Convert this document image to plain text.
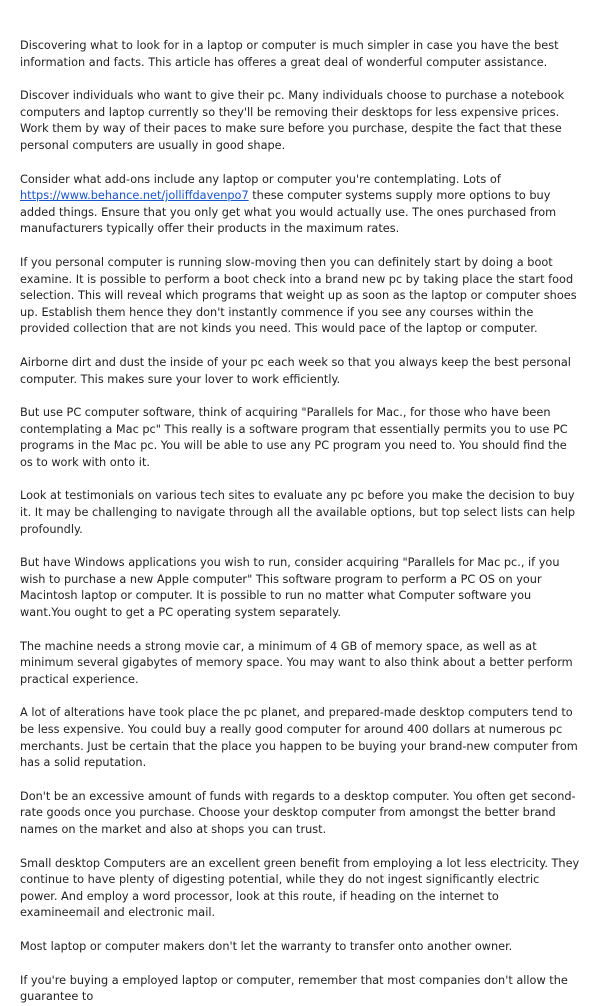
Discovering what to look for in a laptop or computer is much simpler in case you have the best information and facts. This article has offeres a great deal of wonderful computer assistance.

Discover individuals who want to give their pc. Many individuals choose to purchase a notebook computers and laptop currently so they'll be removing their desktops for less expensive prices. Work them by way of their paces to make sure before you purchase, despite the fact that these personal computers are usually in good shape.

Consider what add-ons include any laptop or computer you're contemplating. Lots of https://www.behance.net/jolliffdavenpo7 these computer systems supply more options to buy added things. Ensure that you only get what you would actually use. The ones purchased from manufacturers typically offer their products in the maximum rates.

If you personal computer is running slow-moving then you can definitely start by doing a boot examine. It is possible to perform a boot check into a brand new pc by taking place the start food selection. This will reveal which programs that weight up as soon as the laptop or computer shoes up. Establish them hence they don't instantly commence if you see any courses within the provided collection that are not kinds you need. This would pace of the laptop or computer.

Airborne dirt and dust the inside of your pc each week so that you always keep the best personal computer. This makes sure your lover to work efficiently.

But use PC computer software, think of acquiring "Parallels for Mac., for those who have been contemplating a Mac pc" This really is a software program that essentially permits you to use PC programs in the Mac pc. You will be able to use any PC program you need to. You should find the os to work with onto it.

Look at testimonials on various tech sites to evaluate any pc before you make the decision to buy it. It may be challenging to navigate through all the available options, but top select lists can help profoundly.

But have Windows applications you wish to run, consider acquiring "Parallels for Mac pc., if you wish to purchase a new Apple computer" This software program to perform a PC OS on your Macintosh laptop or computer. It is possible to run no matter what Computer software you want.You ought to get a PC operating system separately.

The machine needs a strong movie car, a minimum of 4 GB of memory space, as well as at minimum several gigabytes of memory space. You may want to also think about a better perform practical experience.

A lot of alterations have took place the pc planet, and prepared-made desktop computers tend to be less expensive. You could buy a really good computer for around 400 dollars at numerous pc merchants. Just be certain that the place you happen to be buying your brand-new computer from has a solid reputation.

Don't be an excessive amount of funds with regards to a desktop computer. You often get second-rate goods once you purchase. Choose your desktop computer from amongst the better brand names on the market and also at shops you can trust.

Small desktop Computers are an excellent green benefit from employing a lot less electricity. They continue to have plenty of digesting potential, while they do not ingest significantly electric power. And employ a word processor, look at this route, if heading on the internet to examineemail and electronic mail.

Most laptop or computer makers don't let the warranty to transfer onto another owner.

If you're buying a employed laptop or computer, remember that most companies don't allow the guarantee to
